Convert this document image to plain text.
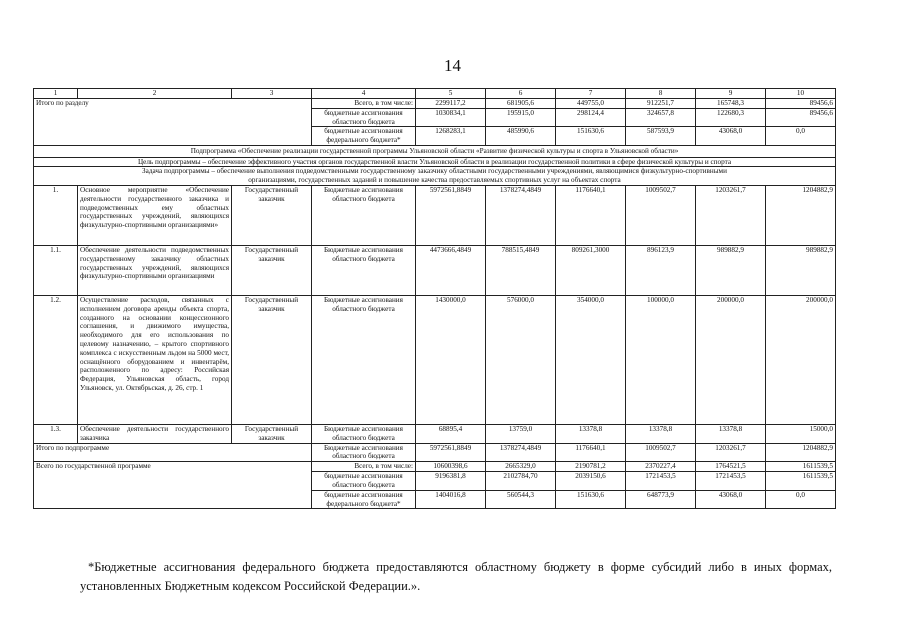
14
1	2	3	4	5	6	7	8	9	10
Итого по разделу			Всего, в том числе:	2299117,2	681905,6	449755,0	912251,7	165748,3	89456,6
			бюджетные ассигнования областного бюджета	1030834,1	195915,0	298124,4	324657,8	122680,3	89456,6
			бюджетные ассигнования федерального бюджета*	1268283,1	485990,6	151630,6	587593,9	43068,0	0,0
Подпрограмма «Обеспечение реализации государственной программы Ульяновской области «Развитие физической культуры и спорта в Ульяновской области»									
Цель подпрограммы – обеспечение эффективного участия органов государственной власти Ульяновской области в реализации государственной политики в сфере физической культуры и спорта									
Задача подпрограммы – обеспечение выполнения подведомственными государственному заказчику областными государственными учреждениями, являющимися физкультурно-спортивными организациями, государственных заданий и повышение качества предоставляемых спортивных услуг на объектах спорта									
1.	Основное мероприятие «Обеспечение деятельности государственного заказчика и подведомственных ему областных государственных учреждений, являющихся физкультурно-спортивными организациями»	Государственный заказчик	Бюджетные ассигнования областного бюджета	5972561,8849	1378274,4849	1176640,1	1009502,7	1203261,7	1204882,9
1.1.	Обеспечение деятельности подведомственных государственному заказчику областных государственных учреждений, являющихся физкультурно-спортивными организациями	Государственный заказчик	Бюджетные ассигнования областного бюджета	4473666,4849	788515,4849	809261,3000	896123,9	989882,9	989882,9
1.2.	Осуществление расходов, связанных с исполнением договора аренды объекта спорта, созданного на основании концессионного соглашения, и движимого имущества, необходимого для его использования по целевому назначению, – крытого спортивного комплекса с искусственным льдом на 5000 мест, оснащённого оборудованием и инвентарём, расположенного по адресу: Российская Федерация, Ульяновская область, город Ульяновск, ул. Октябрьская, д. 26, стр. 1	Государственный заказчик	Бюджетные ассигнования областного бюджета	1430000,0	576000,0	354000,0	100000,0	200000,0	200000,0
1.3.	Обеспечение деятельности государственного заказчика	Государственный заказчик	Бюджетные ассигнования областного бюджета	68895,4	13759,0	13378,8	13378,8	13378,8	15000,0
Итого по подпрограмме			Бюджетные ассигнования областного бюджета	5972561,8849	1378274,4849	1176640,1	1009502,7	1203261,7	1204882,9
Всего по государственной программе			Всего, в том числе:	10600398,6	2665329,0	2190781,2	2370227,4	1764521,5	1611539,5
			бюджетные ассигнования областного бюджета	9196381,8	2102784,70	2039150,6	1721453,5	1721453,5	1611539,5
			бюджетные ассигнования федерального бюджета*	1404016,8	560544,3	151630,6	648773,9	43068,0	0,0
*Бюджетные ассигнования федерального бюджета предоставляются областному бюджету в форме субсидий либо в иных формах, установленных Бюджетным кодексом Российской Федерации.».
